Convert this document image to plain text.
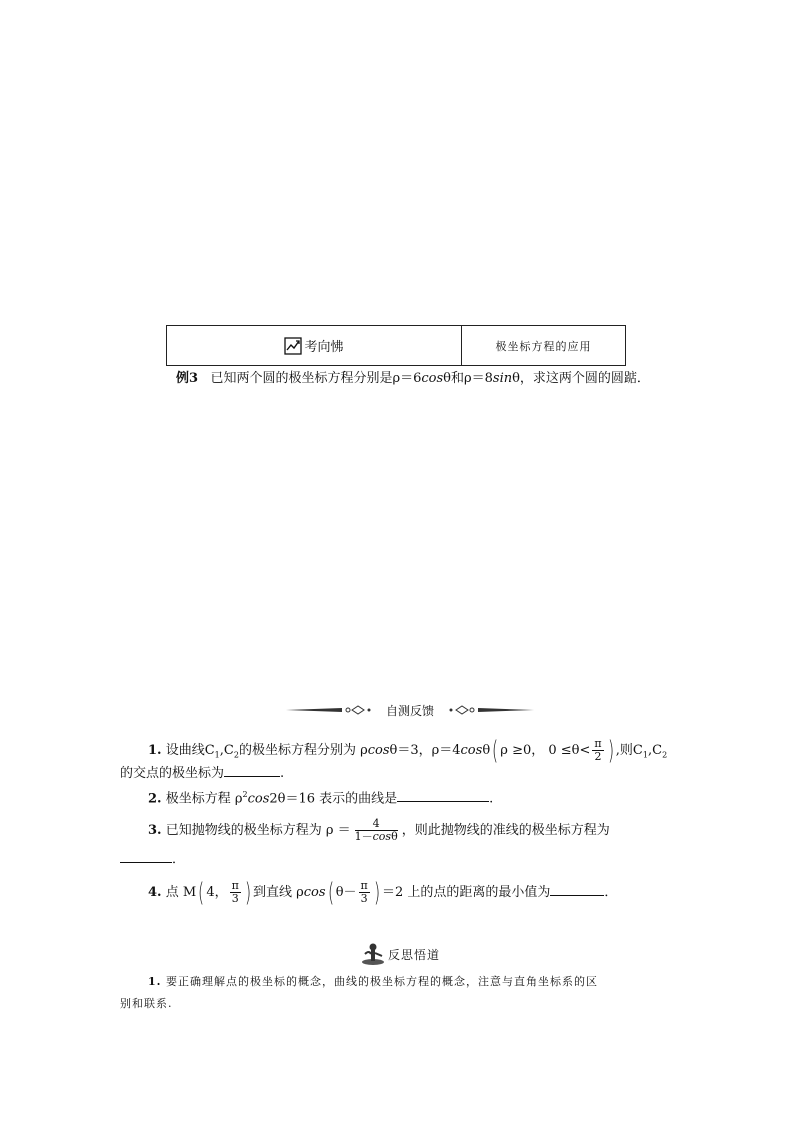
考向怫	极坐标方程的应用
例3 已知两个圆的极坐标方程分别是ρ＝6cosθ和ρ＝8sinθ，求这两个圆的圆踮．
自测反馈
1. 设曲线$C_1,C_2$的极坐标方程分别为 ρcosθ＝3，ρ＝4cosθ( ρ ≥0， $0 \le\theta< \frac{\pi}{2}$ ) ,则$C_1,C_2$
的交点的极坐标为	.
2. 极坐标方程 $\rho^2\cos 2\theta=16$ 表示的曲线是	.
3. 已知抛物线的极坐标方程为 $\rho = \frac{4}{1-\cos\theta}$ ，则此抛物线的准线的极坐标方程为
．
4. 点 M( 4， $\frac{\pi}{3}$ ) 到直线 ρcos( $\theta- \frac{\pi}{3}$ ) ＝2 上的点的距离的最小值为	．
反思悟道
1. 要正确理解点的极坐标的概念，曲线的极坐标方程的概念，注意与直角坐标系的区
别和联系.
